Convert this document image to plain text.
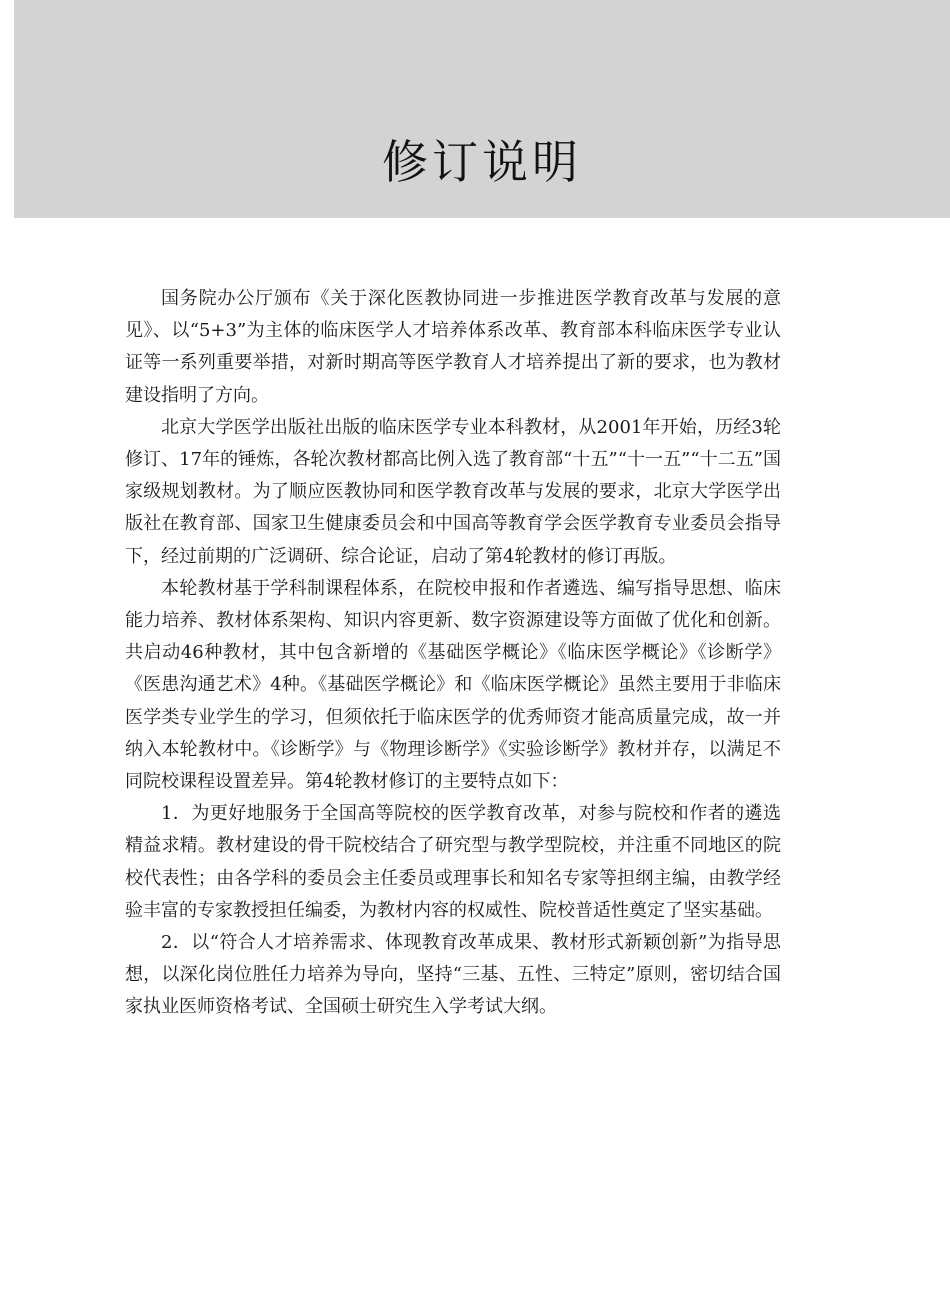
修订说明

国务院办公厅颁布《关于深化医教协同进一步推进医学教育改革与发展的意见》、以“5+3”为主体的临床医学人才培养体系改革、教育部本科临床医学专业认证等一系列重要举措，对新时期高等医学教育人才培养提出了新的要求，也为教材建设指明了方向。

北京大学医学出版社出版的临床医学专业本科教材，从2001年开始，历经3轮修订、17年的锤炼，各轮次教材都高比例入选了教育部“十五”“十一五”“十二五”国家级规划教材。为了顺应医教协同和医学教育改革与发展的要求，北京大学医学出版社在教育部、国家卫生健康委员会和中国高等教育学会医学教育专业委员会指导下，经过前期的广泛调研、综合论证，启动了第4轮教材的修订再版。

本轮教材基于学科制课程体系，在院校申报和作者遴选、编写指导思想、临床能力培养、教材体系架构、知识内容更新、数字资源建设等方面做了优化和创新。共启动46种教材，其中包含新增的《基础医学概论》《临床医学概论》《诊断学》《医患沟通艺术》4种。《基础医学概论》和《临床医学概论》虽然主要用于非临床医学类专业学生的学习，但须依托于临床医学的优秀师资才能高质量完成，故一并纳入本轮教材中。《诊断学》与《物理诊断学》《实验诊断学》教材并存，以满足不同院校课程设置差异。第4轮教材修订的主要特点如下：

1．为更好地服务于全国高等院校的医学教育改革，对参与院校和作者的遴选精益求精。教材建设的骨干院校结合了研究型与教学型院校，并注重不同地区的院校代表性；由各学科的委员会主任委员或理事长和知名专家等担纲主编，由教学经验丰富的专家教授担任编委，为教材内容的权威性、院校普适性奠定了坚实基础。

2．以“符合人才培养需求、体现教育改革成果、教材形式新颖创新”为指导思想，以深化岗位胜任力培养为导向，坚持“三基、五性、三特定”原则，密切结合国家执业医师资格考试、全国硕士研究生入学考试大纲。
